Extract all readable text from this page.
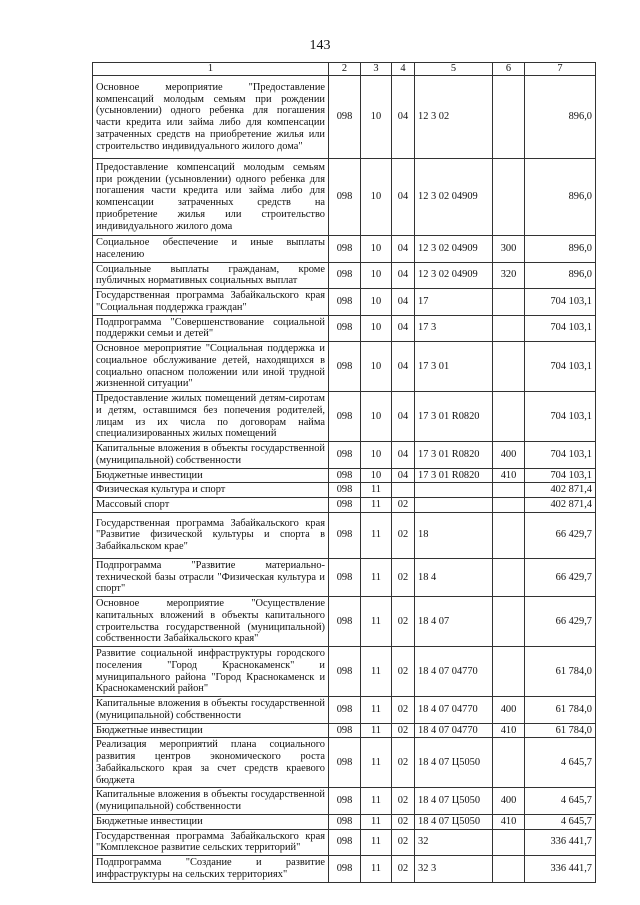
143
1	2	3	4	5	6	7
Основное мероприятие "Предоставление компенсаций молодым семьям при рождении (усыновлении) одного ребенка для погашения части кредита или займа либо для компенсации затраченных средств на приобретение жилья или строительство индивидуального жилого дома"	098	10	04	12 3 02		896,0
Предоставление компенсаций молодым семьям при рождении (усыновлении) одного ребенка для погашения части кредита или займа либо для компенсации затраченных средств на приобретение жилья или строительство индивидуального жилого дома	098	10	04	12 3 02 04909		896,0
Социальное обеспечение и иные выплаты населению	098	10	04	12 3 02 04909	300	896,0
Социальные выплаты гражданам, кроме публичных нормативных социальных выплат	098	10	04	12 3 02 04909	320	896,0
Государственная программа Забайкальского края "Социальная поддержка граждан"	098	10	04	17		704 103,1
Подпрограмма "Совершенствование социальной поддержки семьи и детей"	098	10	04	17 3		704 103,1
Основное мероприятие "Социальная поддержка и социальное обслуживание детей, находящихся в социально опасном положении или иной трудной жизненной ситуации"	098	10	04	17 3 01		704 103,1
Предоставление жилых помещений детям-сиротам и детям, оставшимся без попечения родителей, лицам из их числа по договорам найма специализированных жилых помещений	098	10	04	17 3 01 R0820		704 103,1
Капитальные вложения в объекты государственной (муниципальной) собственности	098	10	04	17 3 01 R0820	400	704 103,1
Бюджетные инвестиции	098	10	04	17 3 01 R0820	410	704 103,1
Физическая культура и спорт	098	11				402 871,4
Массовый спорт	098	11	02			402 871,4
Государственная программа Забайкальского края "Развитие физической культуры и спорта в Забайкальском крае"	098	11	02	18		66 429,7
Подпрограмма "Развитие материально-технической базы отрасли "Физическая культура и спорт"	098	11	02	18 4		66 429,7
Основное мероприятие "Осуществление капитальных вложений в объекты капитального строительства государственной (муниципальной) собственности Забайкальского края"	098	11	02	18 4 07		66 429,7
Развитие социальной инфраструктуры городского поселения "Город Краснокаменск" и муниципального района "Город Краснокаменск и Краснокаменский район"	098	11	02	18 4 07 04770		61 784,0
Капитальные вложения в объекты государственной (муниципальной) собственности	098	11	02	18 4 07 04770	400	61 784,0
Бюджетные инвестиции	098	11	02	18 4 07 04770	410	61 784,0
Реализация мероприятий плана социального развития центров экономического роста Забайкальского края за счет средств краевого бюджета	098	11	02	18 4 07 Ц5050		4 645,7
Капитальные вложения в объекты государственной (муниципальной) собственности	098	11	02	18 4 07 Ц5050	400	4 645,7
Бюджетные инвестиции	098	11	02	18 4 07 Ц5050	410	4 645,7
Государственная программа Забайкальского края "Комплексное развитие сельских территорий"	098	11	02	32		336 441,7
Подпрограмма "Создание и развитие инфраструктуры на сельских территориях"	098	11	02	32 3		336 441,7
